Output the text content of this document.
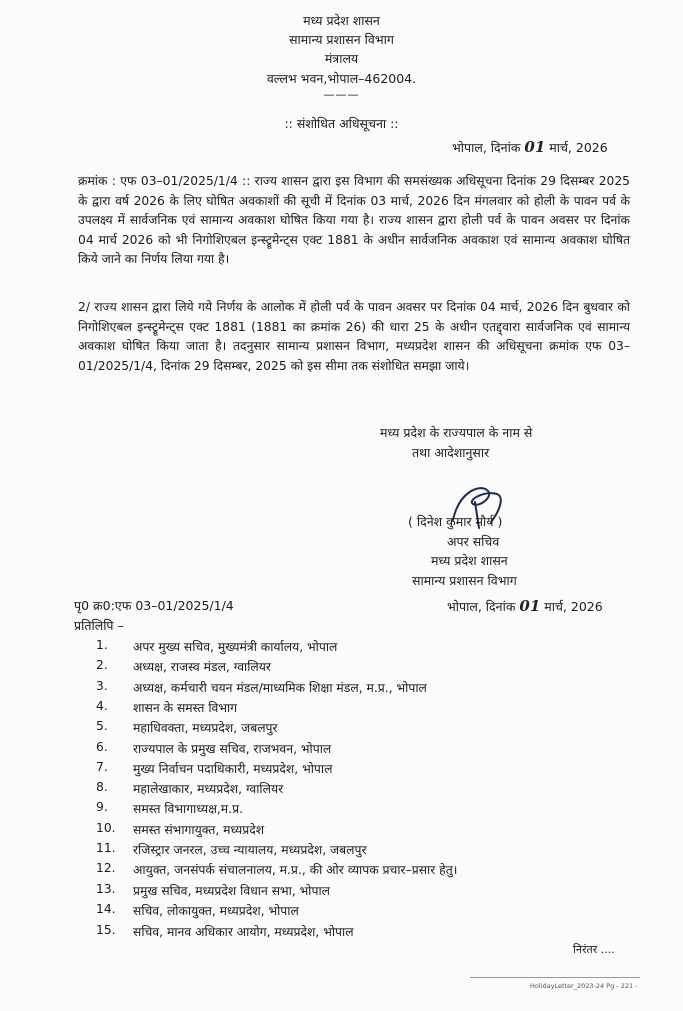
मध्य प्रदेश शासन
सामान्य प्रशासन विभाग
मंत्रालय
वल्लभ भवन,भोपाल–462004.
———
:: संशोधित अधिसूचना ::
भोपाल, दिनांक 01 मार्च, 2026
क्रमांक : एफ 03–01/2025/1/4 :: राज्य शासन द्वारा इस विभाग की समसंख्यक अधिसूचना दिनांक 29 दिसम्बर 2025 के द्वारा वर्ष 2026 के लिए घोषित अवकाशों की सूची में दिनांक 03 मार्च, 2026 दिन मंगलवार को होली के पावन पर्व के उपलक्ष्य में सार्वजनिक एवं सामान्य अवकाश घोषित किया गया है। राज्य शासन द्वारा होली पर्व के पावन अवसर पर दिनांक 04 मार्च 2026 को भी निगोशिएबल इन्स्ट्रूमेन्ट्स एक्ट 1881 के अधीन सार्वजनिक अवकाश एवं सामान्य अवकाश घोषित किये जाने का निर्णय लिया गया है।
2/ राज्य शासन द्वारा लिये गये निर्णय के आलोक में होली पर्व के पावन अवसर पर दिनांक 04 मार्च, 2026 दिन बुधवार को निगोशिएबल इन्स्ट्रूमेन्ट्स एक्ट 1881 (1881 का क्रमांक 26) की धारा 25 के अधीन एतद्द्वारा सार्वजनिक एवं सामान्य अवकाश घोषित किया जाता है। तदनुसार सामान्य प्रशासन विभाग, मध्यप्रदेश शासन की अधिसूचना क्रमांक एफ 03–01/2025/1/4, दिनांक 29 दिसम्बर, 2025 को इस सीमा तक संशोधित समझा जाये।
मध्य प्रदेश के राज्यपाल के नाम से
तथा आदेशानुसार
( दिनेश कुमार मौर्य )
अपर सचिव
मध्य प्रदेश शासन
सामान्य प्रशासन विभाग
पृ0 क्र0:एफ 03–01/2025/1/4	भोपाल, दिनांक 01 मार्च, 2026
प्रतिलिपि –
1.	अपर मुख्य सचिव, मुख्यमंत्री कार्यालय, भोपाल
2.	अध्यक्ष, राजस्व मंडल, ग्वालियर
3.	अध्यक्ष, कर्मचारी चयन मंडल/माध्यमिक शिक्षा मंडल, म.प्र., भोपाल
4.	शासन के समस्त विभाग
5.	महाधिवक्ता, मध्यप्रदेश, जबलपुर
6.	राज्यपाल के प्रमुख सचिव, राजभवन, भोपाल
7.	मुख्य निर्वाचन पदाधिकारी, मध्यप्रदेश, भोपाल
8.	महालेखाकार, मध्यप्रदेश, ग्वालियर
9.	समस्त विभागाध्यक्ष,म.प्र.
10.	समस्त संभागायुक्त, मध्यप्रदेश
11.	रजिस्ट्रार जनरल, उच्च न्यायालय, मध्यप्रदेश, जबलपुर
12.	आयुक्त, जनसंपर्क संचालनालय, म.प्र., की ओर व्यापक प्रचार–प्रसार हेतु।
13.	प्रमुख सचिव, मध्यप्रदेश विधान सभा, भोपाल
14.	सचिव, लोकायुक्त, मध्यप्रदेश, भोपाल
15.	सचिव, मानव अधिकार आयोग, मध्यप्रदेश, भोपाल
निरंतर ....
HolidayLetter_2023-24 Pg - 221 -
